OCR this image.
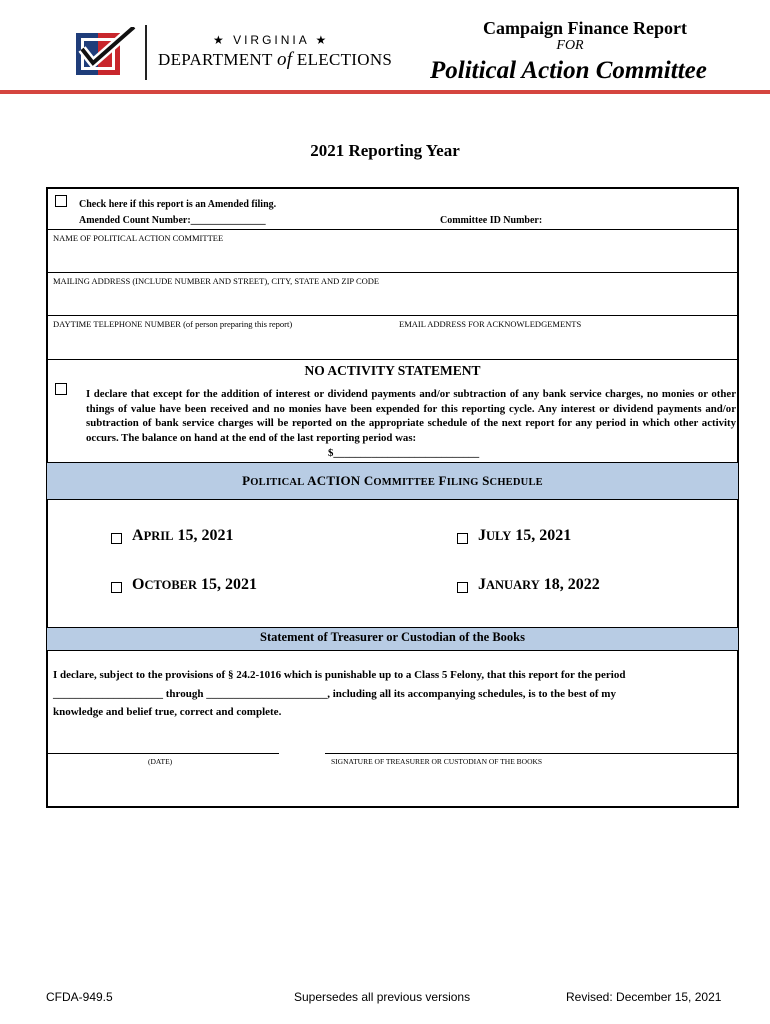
★ VIRGINIA ★
DEPARTMENT of ELECTIONS
Campaign Finance Report
FOR
Political Action Committee
2021 Reporting Year
Check here if this report is an Amended filing.
Amended Count Number:_______________	Committee ID Number:
NAME OF POLITICAL ACTION COMMITTEE
MAILING ADDRESS (INCLUDE NUMBER AND STREET), CITY, STATE AND ZIP CODE
DAYTIME TELEPHONE NUMBER (of person preparing this report)	EMAIL ADDRESS FOR ACKNOWLEDGEMENTS
NO ACTIVITY STATEMENT
I declare that except for the addition of interest or dividend payments and/or subtraction of any bank service charges, no monies or other things of value have been received and no monies have been expended for this reporting cycle. Any interest or dividend payments and/or subtraction of bank service charges will be reported on the appropriate schedule of the next report for any period in which other activity occurs. The balance on hand at the end of the last reporting period was:
$___________________________
POLITICAL ACTION COMMITTEE FILING SCHEDULE
APRIL 15, 2021	JULY 15, 2021
OCTOBER 15, 2021	JANUARY 18, 2022
Statement of Treasurer or Custodian of the Books
I declare, subject to the provisions of § 24.2-1016 which is punishable up to a Class 5 Felony, that this report for the period
____________________ through ______________________, including all its accompanying schedules, is to the best of my
knowledge and belief true, correct and complete.
(DATE)	SIGNATURE OF TREASURER OR CUSTODIAN OF THE BOOKS
CFDA-949.5	Supersedes all previous versions	Revised: December 15, 2021
